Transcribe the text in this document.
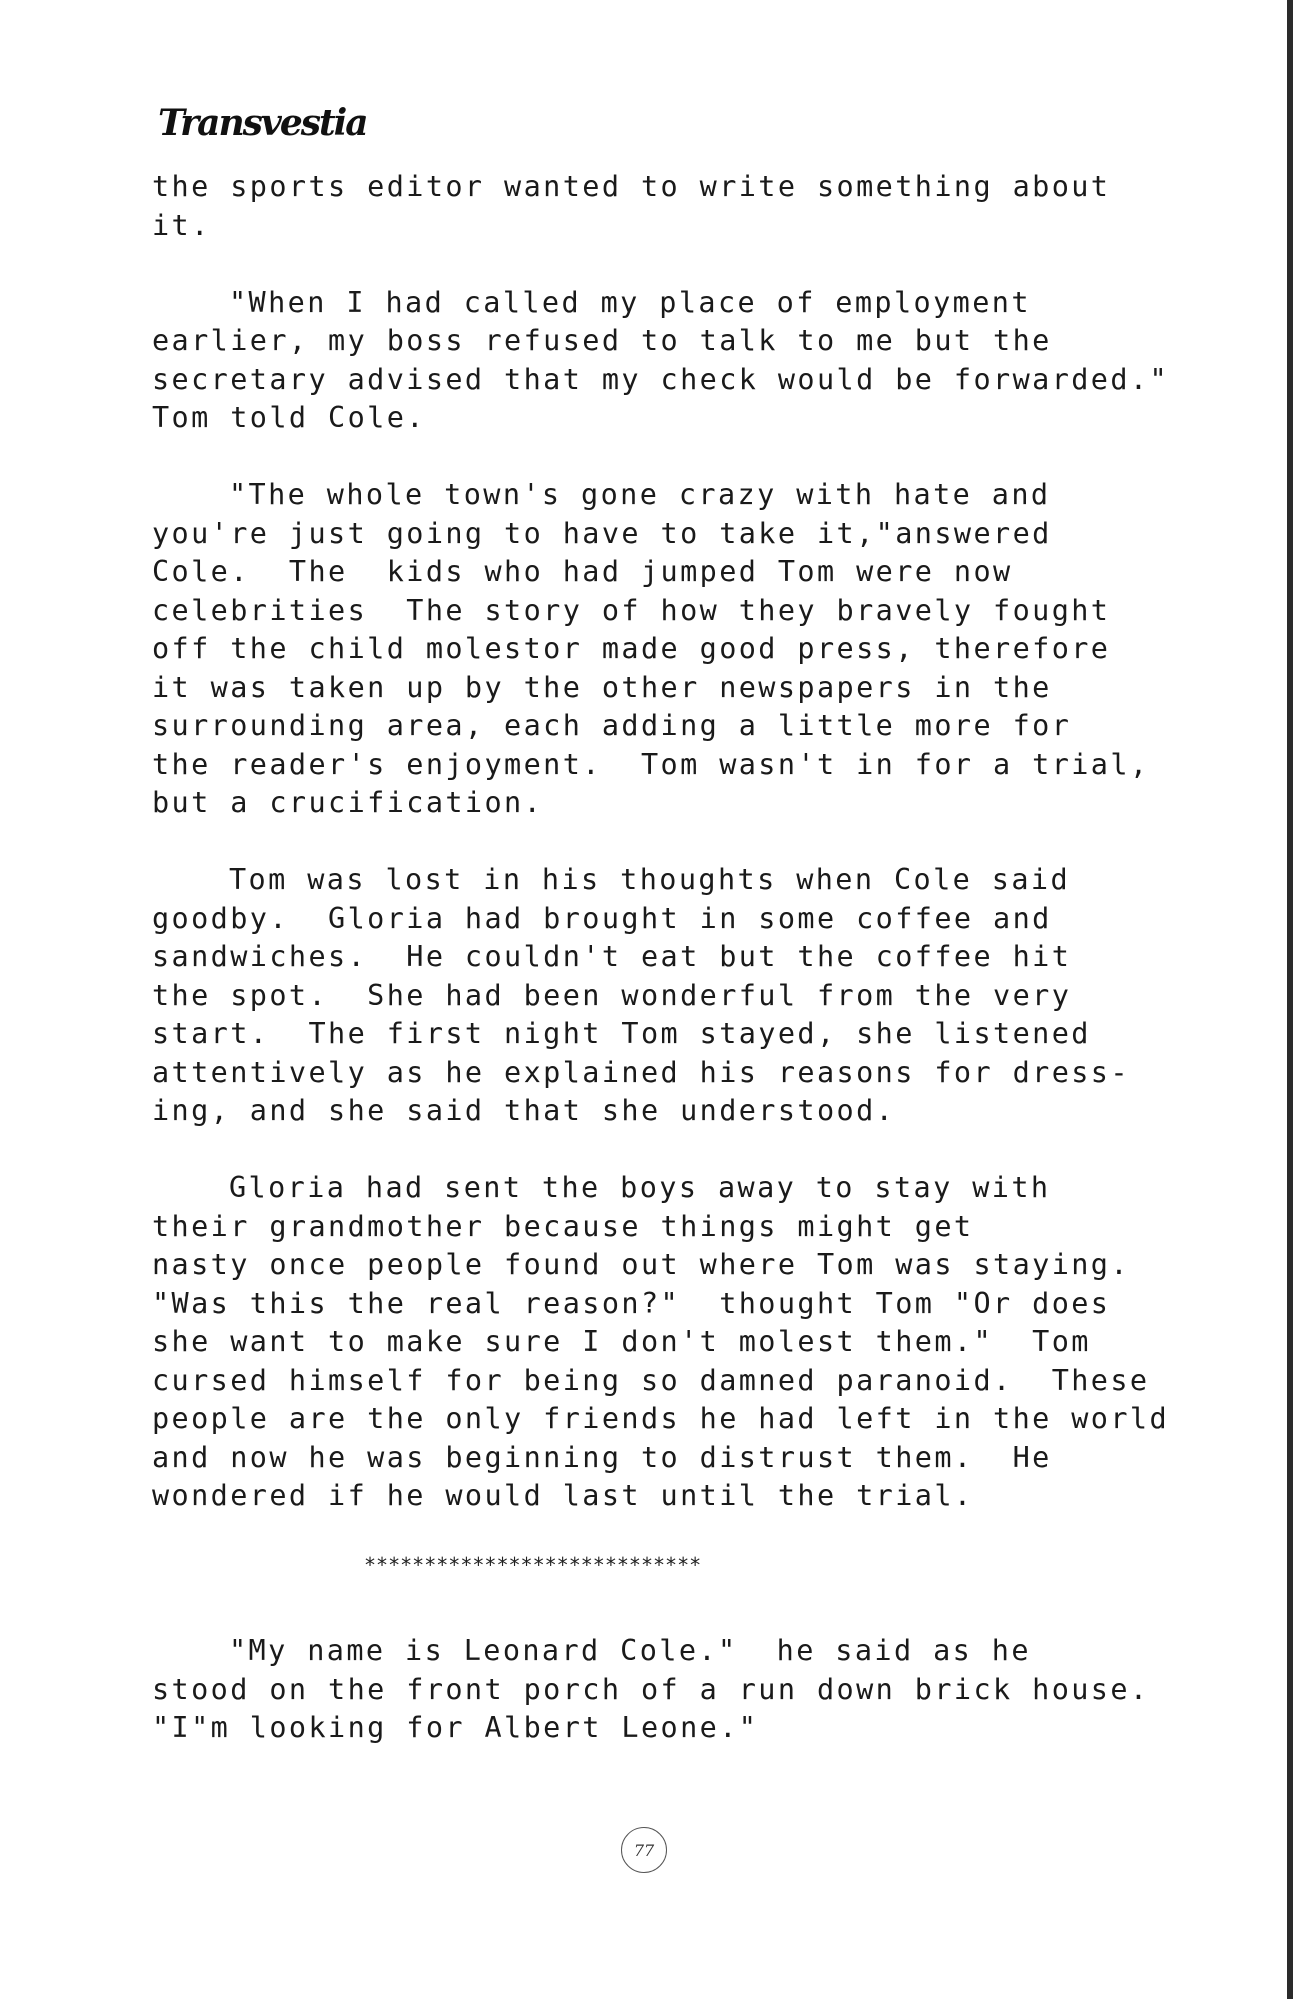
Transvestia

the sports editor wanted to write something about
it.

"When I had called my place of employment
earlier, my boss refused to talk to me but the
secretary advised that my check would be forwarded."
Tom told Cole.

"The whole town's gone crazy with hate and
you're just going to have to take it,"answered
Cole.  The  kids who had jumped Tom were now
celebrities  The story of how they bravely fought
off the child molestor made good press, therefore
it was taken up by the other newspapers in the
surrounding area, each adding a little more for
the reader's enjoyment.  Tom wasn't in for a trial,
but a crucification.

Tom was lost in his thoughts when Cole said
goodby.  Gloria had brought in some coffee and
sandwiches.  He couldn't eat but the coffee hit
the spot.  She had been wonderful from the very
start.  The first night Tom stayed, she listened
attentively as he explained his reasons for dress-
ing, and she said that she understood.

Gloria had sent the boys away to stay with
their grandmother because things might get
nasty once people found out where Tom was staying.
"Was this the real reason?"  thought Tom "Or does
she want to make sure I don't molest them."  Tom
cursed himself for being so damned paranoid.  These
people are the only friends he had left in the world
and now he was beginning to distrust them.  He
wondered if he would last until the trial.

****************************

"My name is Leonard Cole."  he said as he
stood on the front porch of a run down brick house.
"I"m looking for Albert Leone."

77
